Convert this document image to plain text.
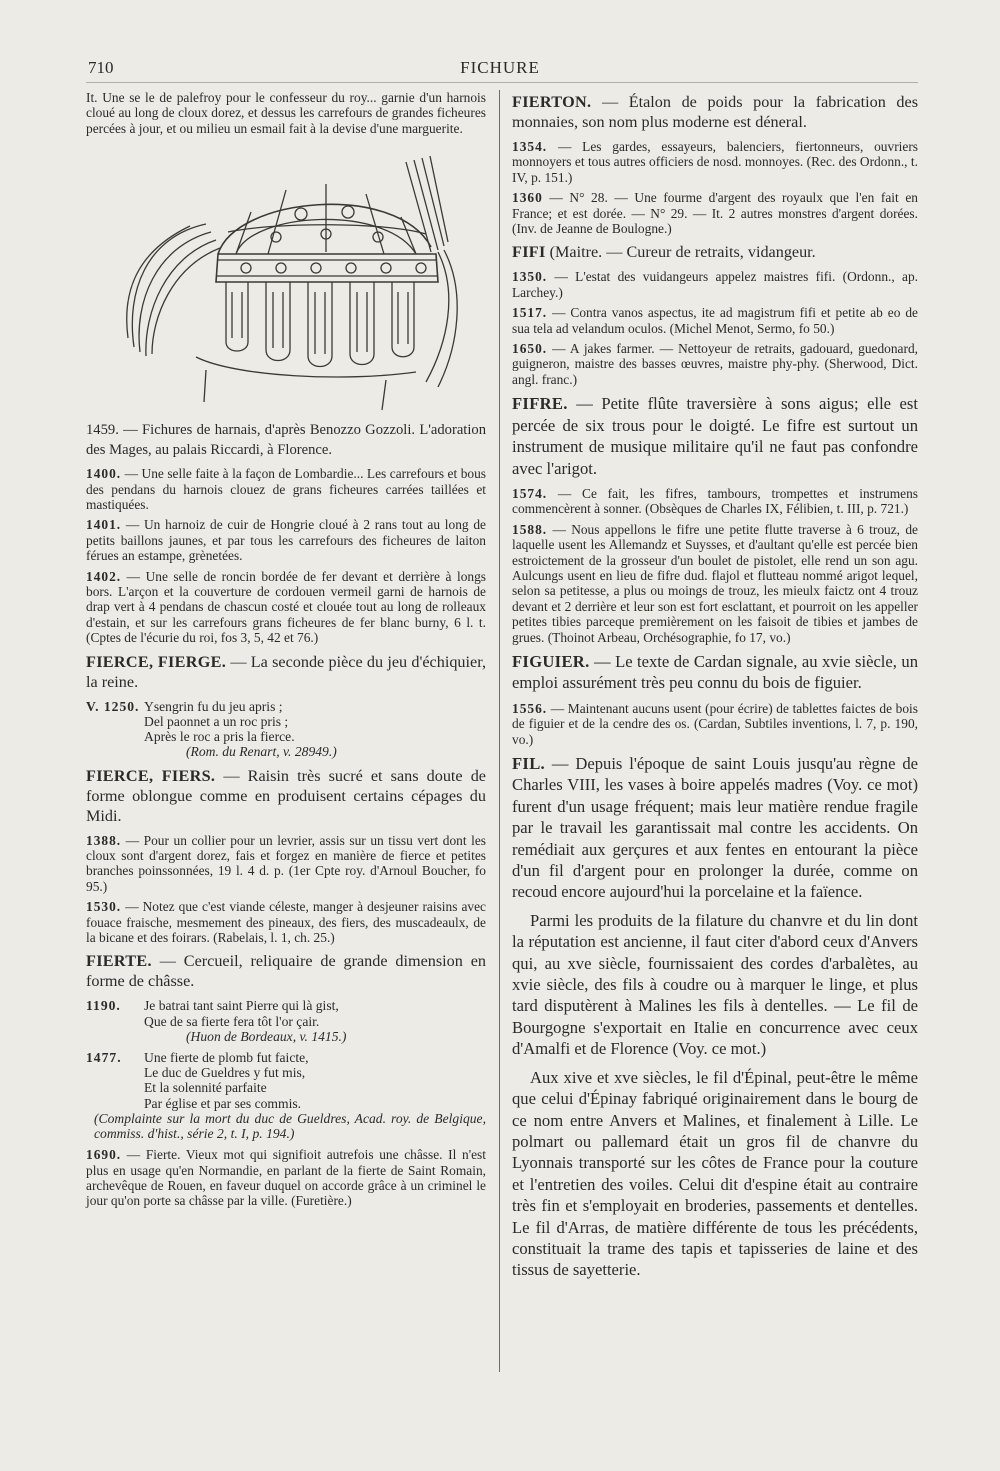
710	FICHURE

It. Une se le de palefroy pour le confesseur du roy... garnie d'un harnois cloué au long de cloux dorez, et dessus les carrefours de grandes ficheures percées à jour, et ou milieu un esmail fait à la devise d'une marguerite.

1459. — Fichures de harnais, d'après Benozzo Gozzoli. L'adoration des Mages, au palais Riccardi, à Florence.

1400. — Une selle faite à la façon de Lombardie... Les carrefours et bous des pendans du harnois clouez de grans ficheures carrées taillées et mastiquées.

1401. — Un harnoiz de cuir de Hongrie cloué à 2 rans tout au long de petits baillons jaunes, et par tous les carrefours des ficheures de laiton férues an estampe, grènetées.

1402. — Une selle de roncin bordée de fer devant et derrière à longs bors. L'arçon et la couverture de cordouen vermeil garni de harnois de drap vert à 4 pendans de chascun costé et clouée tout au long de rolleaux d'estain, et sur les carrefours grans ficheures de fer blanc burny, 6 l. t. (Cptes de l'écurie du roi, fos 3, 5, 42 et 76.)

FIERCE, FIERGE. — La seconde pièce du jeu d'échiquier, la reine.

V. 1250. Ysengrin fu du jeu apris ;
Del paonnet a un roc pris ;
Après le roc a pris la fierce.
(Rom. du Renart, v. 28949.)

FIERCE, FIERS. — Raisin très sucré et sans doute de forme oblongue comme en produisent certains cépages du Midi.

1388. — Pour un collier pour un levrier, assis sur un tissu vert dont les cloux sont d'argent dorez, fais et forgez en manière de fierce et petites branches poinssonnées, 19 l. 4 d. p. (1er Cpte roy. d'Arnoul Boucher, fo 95.)

1530. — Notez que c'est viande céleste, manger à desjeuner raisins avec fouace fraische, mesmement des pineaux, des fiers, des muscadeaulx, de la bicane et des foirars. (Rabelais, l. 1, ch. 25.)

FIERTE. — Cercueil, reliquaire de grande dimension en forme de châsse.

1190.	Je batrai tant saint Pierre qui là gist,
Que de sa fierte fera tôt l'or çair.
(Huon de Bordeaux, v. 1415.)
1477.	Une fierte de plomb fut faicte,
Le duc de Gueldres y fut mis,
Et la solennité parfaite
Par église et par ses commis.
(Complainte sur la mort du duc de Gueldres, Acad. roy. de Belgique, commiss. d'hist., série 2, t. I, p. 194.)

1690. — Fierte. Vieux mot qui signifioit autrefois une châsse. Il n'est plus en usage qu'en Normandie, en parlant de la fierte de Saint Romain, archevêque de Rouen, en faveur duquel on accorde grâce à un criminel le jour qu'on porte sa châsse par la ville. (Furetière.)

FIERTON. — Étalon de poids pour la fabrication des monnaies, son nom plus moderne est déneral.

1354. — Les gardes, essayeurs, balenciers, fiertonneurs, ouvriers monnoyers et tous autres officiers de nosd. monnoyes. (Rec. des Ordonn., t. IV, p. 151.)

1360 — N° 28. — Une fourme d'argent des royaulx que l'en fait en France; et est dorée. — N° 29. — It. 2 autres monstres d'argent dorées. (Inv. de Jeanne de Boulogne.)

FIFI (Maitre. — Cureur de retraits, vidangeur.

1350. — L'estat des vuidangeurs appelez maistres fifi. (Ordonn., ap. Larchey.)

1517. — Contra vanos aspectus, ite ad magistrum fifi et petite ab eo de sua tela ad velandum oculos. (Michel Menot, Sermo, fo 50.)

1650. — A jakes farmer. — Nettoyeur de retraits, gadouard, guedonard, guigneron, maistre des basses œuvres, maistre phy-phy. (Sherwood, Dict. angl. franc.)

FIFRE. — Petite flûte traversière à sons aigus; elle est percée de six trous pour le doigté. Le fifre est surtout un instrument de musique militaire qu'il ne faut pas confondre avec l'arigot.

1574. — Ce fait, les fifres, tambours, trompettes et instrumens commencèrent à sonner. (Obsèques de Charles IX, Félibien, t. III, p. 721.)

1588. — Nous appellons le fifre une petite flutte traverse à 6 trouz, de laquelle usent les Allemandz et Suysses, et d'aultant qu'elle est percée bien estroictement de la grosseur d'un boulet de pistolet, elle rend un son agu. Aulcungs usent en lieu de fifre dud. flajol et flutteau nommé arigot lequel, selon sa petitesse, a plus ou moings de trouz, les mieulx faictz ont 4 trouz devant et 2 derrière et leur son est fort esclattant, et pourroit on les appeller petites tibies parceque premièrement on les faisoit de tibies et jambes de grues. (Thoinot Arbeau, Orchésographie, fo 17, vo.)

FIGUIER. — Le texte de Cardan signale, au xvie siècle, un emploi assurément très peu connu du bois de figuier.

1556. — Maintenant aucuns usent (pour écrire) de tablettes faictes de bois de figuier et de la cendre des os. (Cardan, Subtiles inventions, l. 7, p. 190, vo.)

FIL. — Depuis l'époque de saint Louis jusqu'au règne de Charles VIII, les vases à boire appelés madres (Voy. ce mot) furent d'un usage fréquent; mais leur matière rendue fragile par le travail les garantissait mal contre les accidents. On remédiait aux gerçures et aux fentes en entourant la pièce d'un fil d'argent pour en prolonger la durée, comme on recoud encore aujourd'hui la porcelaine et la faïence.

Parmi les produits de la filature du chanvre et du lin dont la réputation est ancienne, il faut citer d'abord ceux d'Anvers qui, au xve siècle, fournissaient des cordes d'arbalètes, au xvie siècle, des fils à coudre ou à marquer le linge, et plus tard disputèrent à Malines les fils à dentelles. — Le fil de Bourgogne s'exportait en Italie en concurrence avec ceux d'Amalfi et de Florence (Voy. ce mot.)

Aux xive et xve siècles, le fil d'Épinal, peut-être le même que celui d'Épinay fabriqué originairement dans le bourg de ce nom entre Anvers et Malines, et finalement à Lille. Le polmart ou pallemard était un gros fil de chanvre du Lyonnais transporté sur les côtes de France pour la couture et l'entretien des voiles. Celui dit d'espine était au contraire très fin et s'employait en broderies, passements et dentelles. Le fil d'Arras, de matière différente de tous les précédents, constituait la trame des tapis et tapisseries de laine et des tissus de sayetterie.
